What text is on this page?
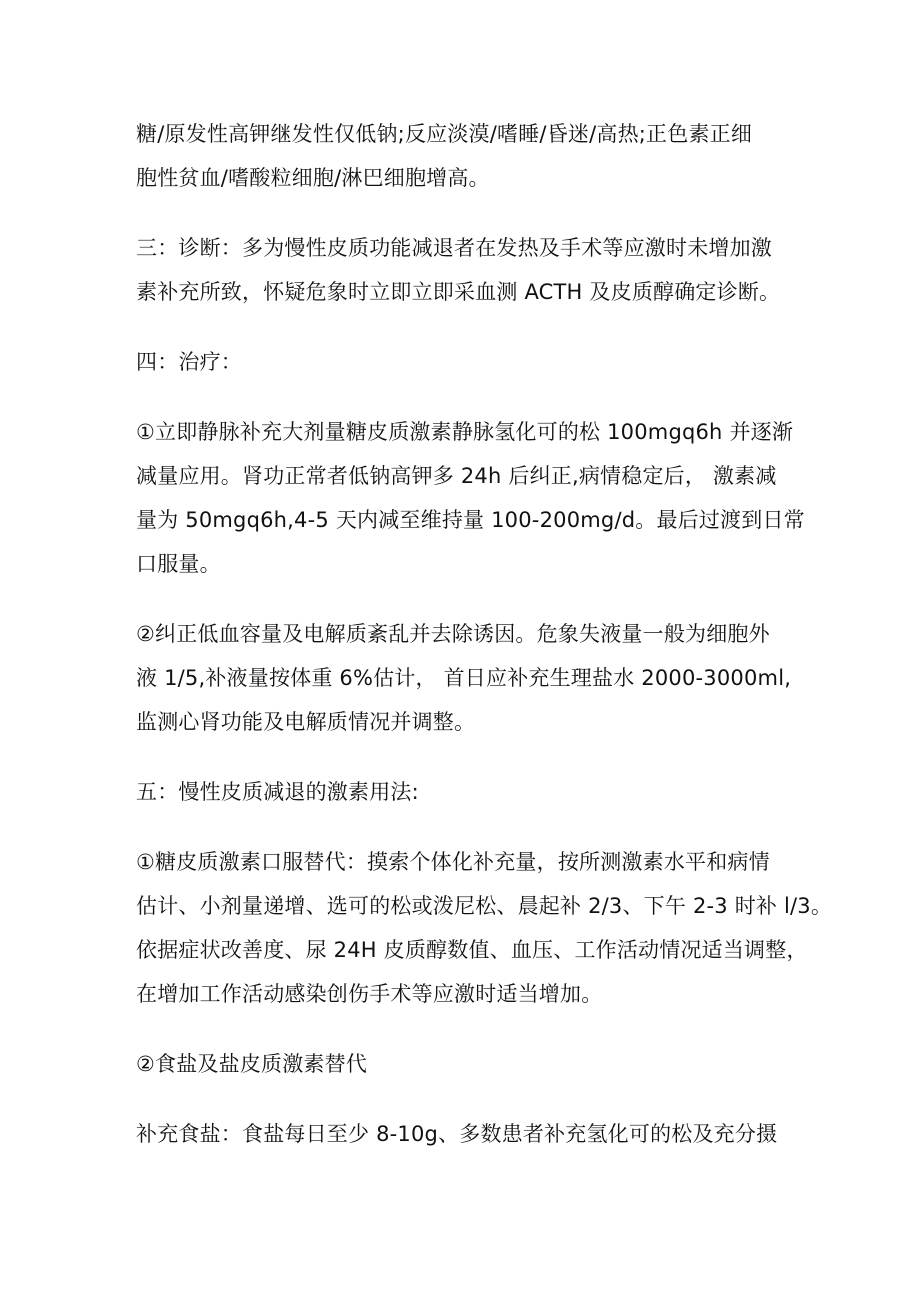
糖/原发性高钾继发性仅低钠;反应淡漠/嗜睡/昏迷/高热;正色素正细
胞性贫血/嗜酸粒细胞/淋巴细胞增高。

三：诊断：多为慢性皮质功能减退者在发热及手术等应激时未增加激
素补充所致，怀疑危象时立即立即采血测 ACTH 及皮质醇确定诊断。

四：治疗：

①立即静脉补充大剂量糖皮质激素静脉氢化可的松 100mgq6h 并逐渐
减量应用。肾功正常者低钠高钾多 24h 后纠正,病情稳定后， 激素减
量为 50mgq6h,4-5 天内减至维持量 100-200mg∕d。最后过渡到日常
口服量。

②纠正低血容量及电解质紊乱并去除诱因。危象失液量一般为细胞外
液 1/5,补液量按体重 6%估计， 首日应补充生理盐水 2000-3000ml,
监测心肾功能及电解质情况并调整。

五：慢性皮质减退的激素用法:

①糖皮质激素口服替代：摸索个体化补充量，按所测激素水平和病情
估计、小剂量递增、选可的松或泼尼松、晨起补 2/3、下午 2-3 时补 l/3。
依据症状改善度、尿 24H 皮质醇数值、血压、工作活动情况适当调整，
在增加工作活动感染创伤手术等应激时适当增加。

②食盐及盐皮质激素替代

补充食盐：食盐每日至少 8-10g、多数患者补充氢化可的松及充分摄
